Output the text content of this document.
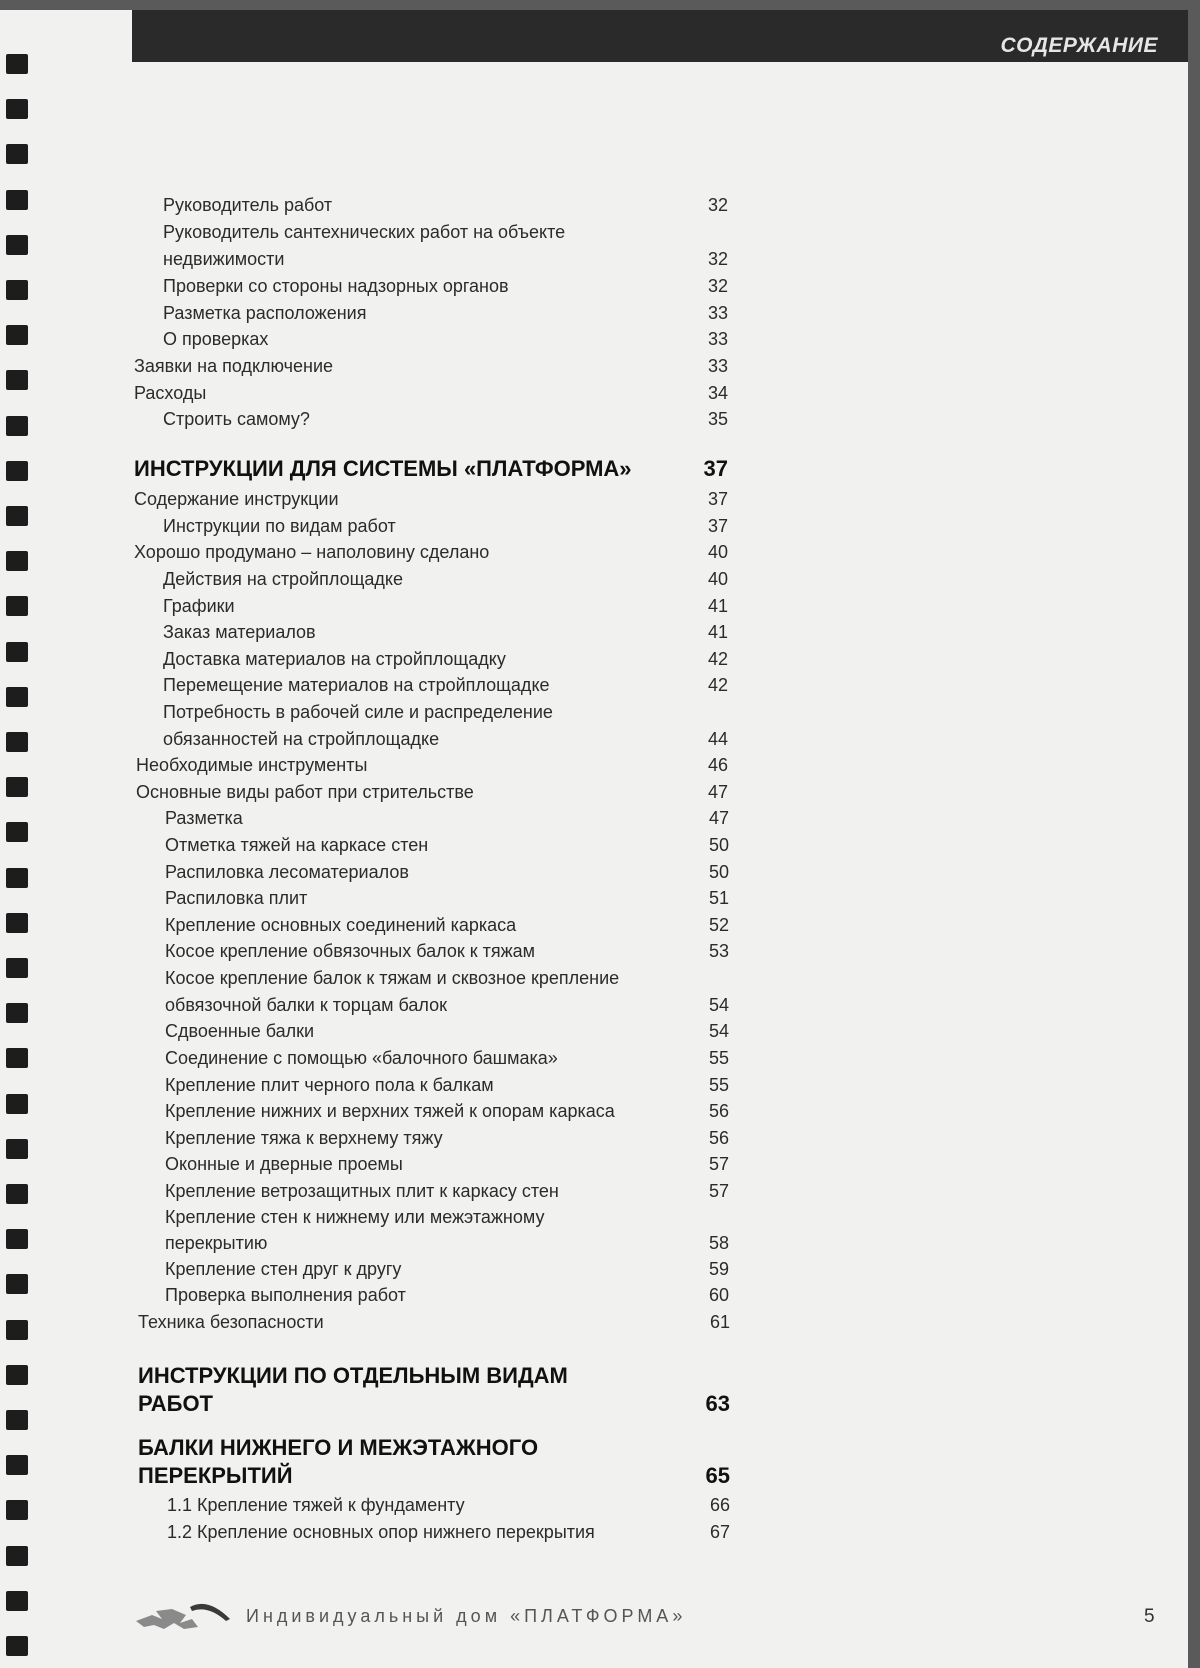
СОДЕРЖАНИЕ
Руководитель работ	32
Руководитель сантехнических работ на объекте
недвижимости	32
Проверки со стороны надзорных органов	32
Разметка расположения	33
О проверках	33
Заявки на подключение	33
Расходы	34
Строить самому?	35
ИНСТРУКЦИИ ДЛЯ СИСТЕМЫ «ПЛАТФОРМА»	37
Содержание инструкции	37
Инструкции по видам работ	37
Хорошо продумано – наполовину сделано	40
Действия на стройплощадке	40
Графики	41
Заказ материалов	41
Доставка материалов на стройплощадку	42
Перемещение материалов на стройплощадке	42
Потребность в рабочей силе и распределение
обязанностей на стройплощадке	44
Необходимые инструменты	46
Основные виды работ при стрительстве	47
Разметка	47
Отметка тяжей на каркасе стен	50
Распиловка лесоматериалов	50
Распиловка плит	51
Крепление основных соединений каркаса	52
Косое крепление обвязочных балок к тяжам	53
Косое крепление балок к тяжам и сквозное крепление
обвязочной балки к торцам балок	54
Сдвоенные балки	54
Соединение с помощью «балочного башмака»	55
Крепление плит черного пола к балкам	55
Крепление нижних и верхних тяжей к опорам каркаса	56
Крепление тяжа к верхнему тяжу	56
Оконные и дверные проемы	57
Крепление ветрозащитных плит к каркасу стен	57
Крепление стен к нижнему или межэтажному
перекрытию	58
Крепление стен друг к другу	59
Проверка выполнения работ	60
Техника безопасности	61
ИНСТРУКЦИИ ПО ОТДЕЛЬНЫМ ВИДАМ
РАБОТ	63
БАЛКИ НИЖНЕГО И МЕЖЭТАЖНОГО
ПЕРЕКРЫТИЙ	65
1.1 Крепление тяжей к фундаменту	66
1.2 Крепление основных опор нижнего перекрытия	67
Индивидуальный дом «ПЛАТФОРМА»	5
